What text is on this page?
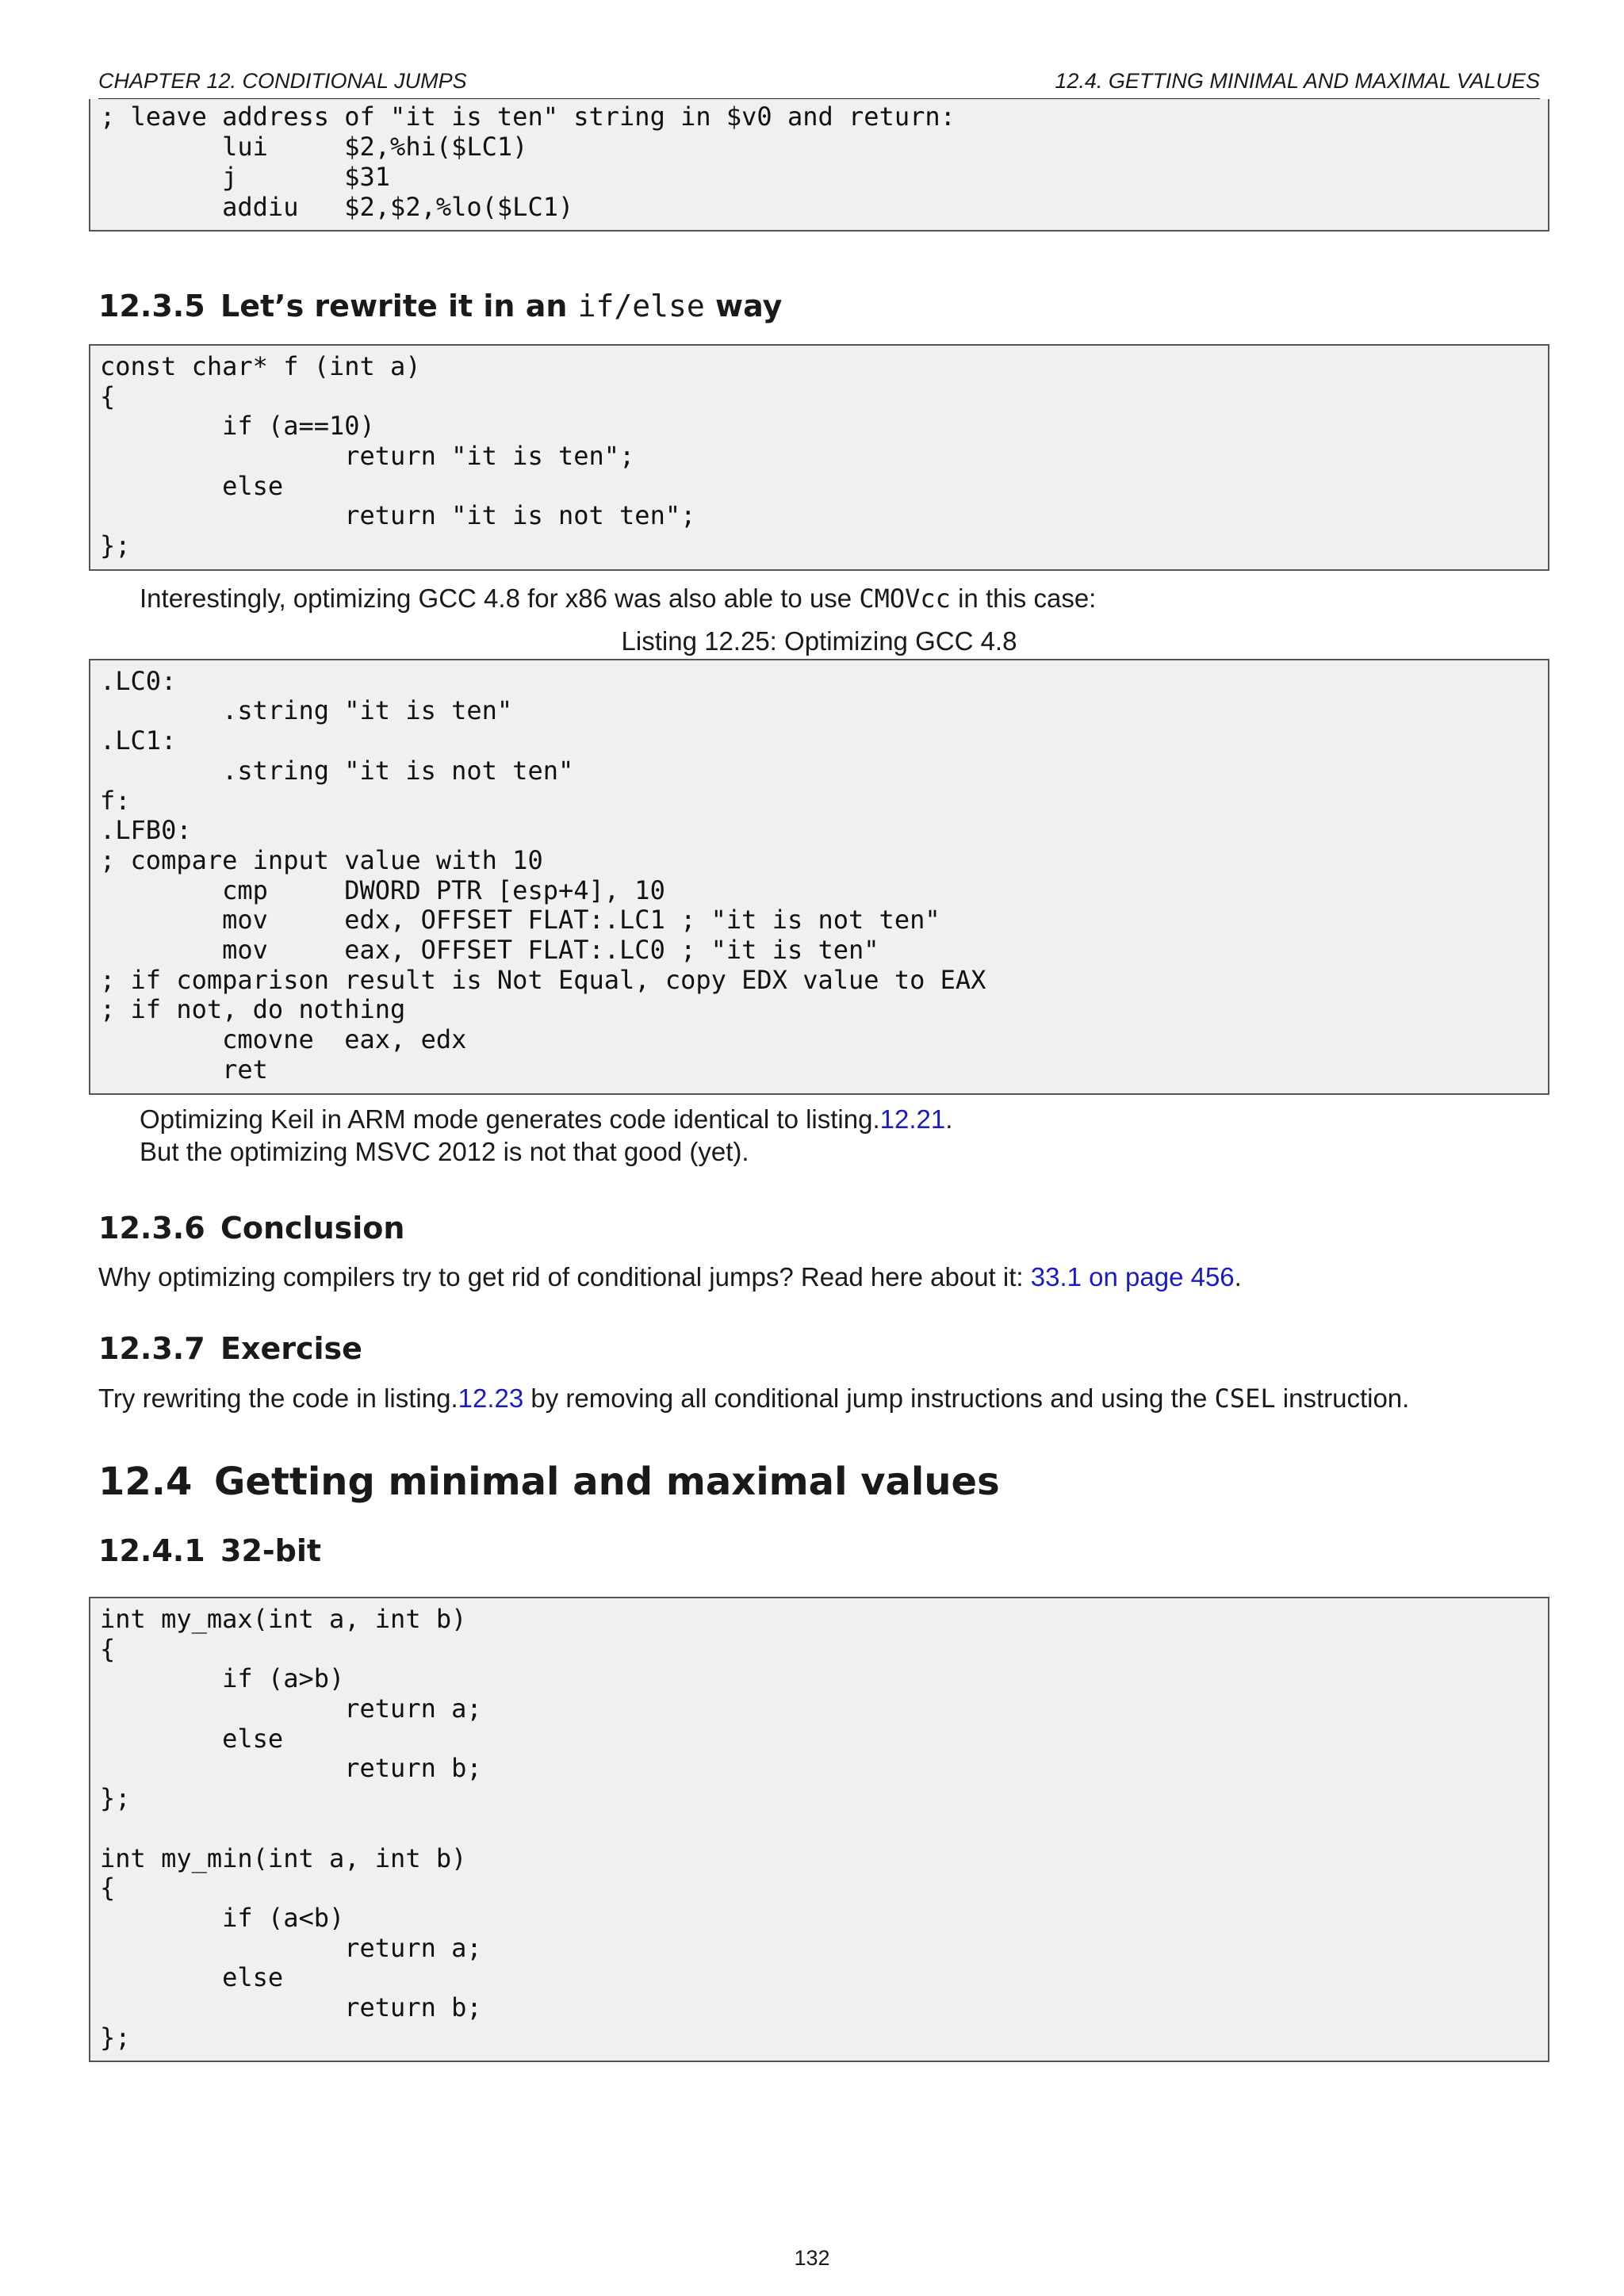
CHAPTER 12. CONDITIONAL JUMPS	12.4. GETTING MINIMAL AND MAXIMAL VALUES
; leave address of "it is ten" string in $v0 and return:
lui     $2,%hi($LC1)
j       $31
addiu   $2,$2,%lo($LC1)
12.3.5 Let’s rewrite it in an if/else way
const char* f (int a)
{
if (a==10)
return "it is ten";
else
return "it is not ten";
};

Interestingly, optimizing GCC 4.8 for x86 was also able to use CMOVcc in this case:

Listing 12.25: Optimizing GCC 4.8

.LC0:
.string "it is ten"
.LC1:
.string "it is not ten"
f:
.LFB0:
; compare input value with 10
cmp     DWORD PTR [esp+4], 10
mov     edx, OFFSET FLAT:.LC1 ; "it is not ten"
mov     eax, OFFSET FLAT:.LC0 ; "it is ten"
; if comparison result is Not Equal, copy EDX value to EAX
; if not, do nothing
cmovne  eax, edx
ret

Optimizing Keil in ARM mode generates code identical to listing.12.21.

But the optimizing MSVC 2012 is not that good (yet).

12.3.6 Conclusion

Why optimizing compilers try to get rid of conditional jumps? Read here about it: 33.1 on page 456.

12.3.7 Exercise

Try rewriting the code in listing.12.23 by removing all conditional jump instructions and using the CSEL instruction.

12.4 Getting minimal and maximal values
12.4.1 32-bit
int my_max(int a, int b)
{
if (a>b)
return a;
else
return b;
};

int my_min(int a, int b)
{
if (a<b)
return a;
else
return b;
};
132
